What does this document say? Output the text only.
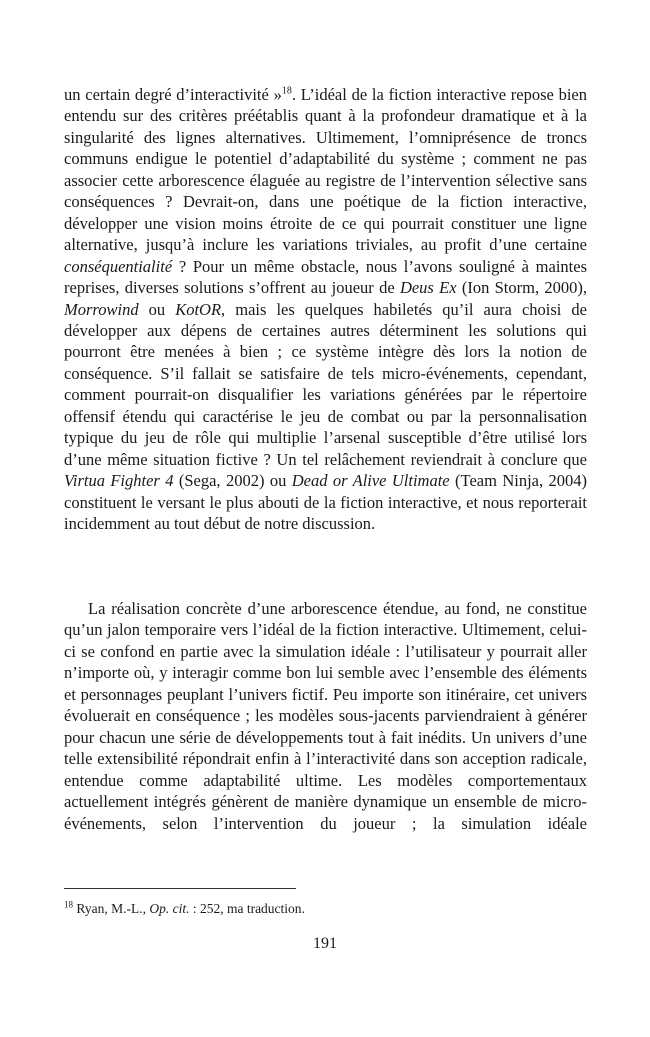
un certain degré d’interactivité »$^{18}$. L’idéal de la fiction interactive repose bien entendu sur des critères préétablis quant à la profondeur dramatique et à la singularité des lignes alternatives. Ultimement, l’omniprésence de troncs communs endigue le potentiel d’adaptabilité du système ; comment ne pas associer cette arborescence élaguée au registre de l’intervention sélective sans conséquences ? Devrait-on, dans une poétique de la fiction interactive, développer une vision moins étroite de ce qui pourrait constituer une ligne alternative, jusqu’à inclure les variations triviales, au profit d’une certaine conséquentialité ? Pour un même obstacle, nous l’avons souligné à maintes reprises, diverses solutions s’offrent au joueur de Deus Ex (Ion Storm, 2000), Morrowind ou KotOR, mais les quelques habiletés qu’il aura choisi de développer aux dépens de certaines autres déterminent les solutions qui pourront être menées à bien ; ce système intègre dès lors la notion de conséquence. S’il fallait se satisfaire de tels micro-événements, cependant, comment pourrait-on disqualifier les variations générées par le répertoire offensif étendu qui caractérise le jeu de combat ou par la personnalisation typique du jeu de rôle qui multiplie l’arsenal susceptible d’être utilisé lors d’une même situation fictive ? Un tel relâchement reviendrait à conclure que Virtua Fighter 4 (Sega, 2002) ou Dead or Alive Ultimate (Team Ninja, 2004) constituent le versant le plus abouti de la fiction interactive, et nous reporterait incidemment au tout début de notre discussion.

La réalisation concrète d’une arborescence étendue, au fond, ne constitue qu’un jalon temporaire vers l’idéal de la fiction interactive. Ultimement, celui-ci se confond en partie avec la simulation idéale : l’utilisateur y pourrait aller n’importe où, y interagir comme bon lui semble avec l’ensemble des éléments et personnages peuplant l’univers fictif. Peu importe son itinéraire, cet univers évoluerait en conséquence ; les modèles sous-jacents parviendraient à générer pour chacun une série de développements tout à fait inédits. Un univers d’une telle extensibilité répondrait enfin à l’interactivité dans son acception radicale, entendue comme adaptabilité ultime. Les modèles comportementaux actuellement intégrés génèrent de manière dynamique un ensemble de micro-événements, selon l’intervention du joueur ; la simulation idéale

$^{18}$ Ryan, M.-L., Op. cit. : 252, ma traduction.
191
